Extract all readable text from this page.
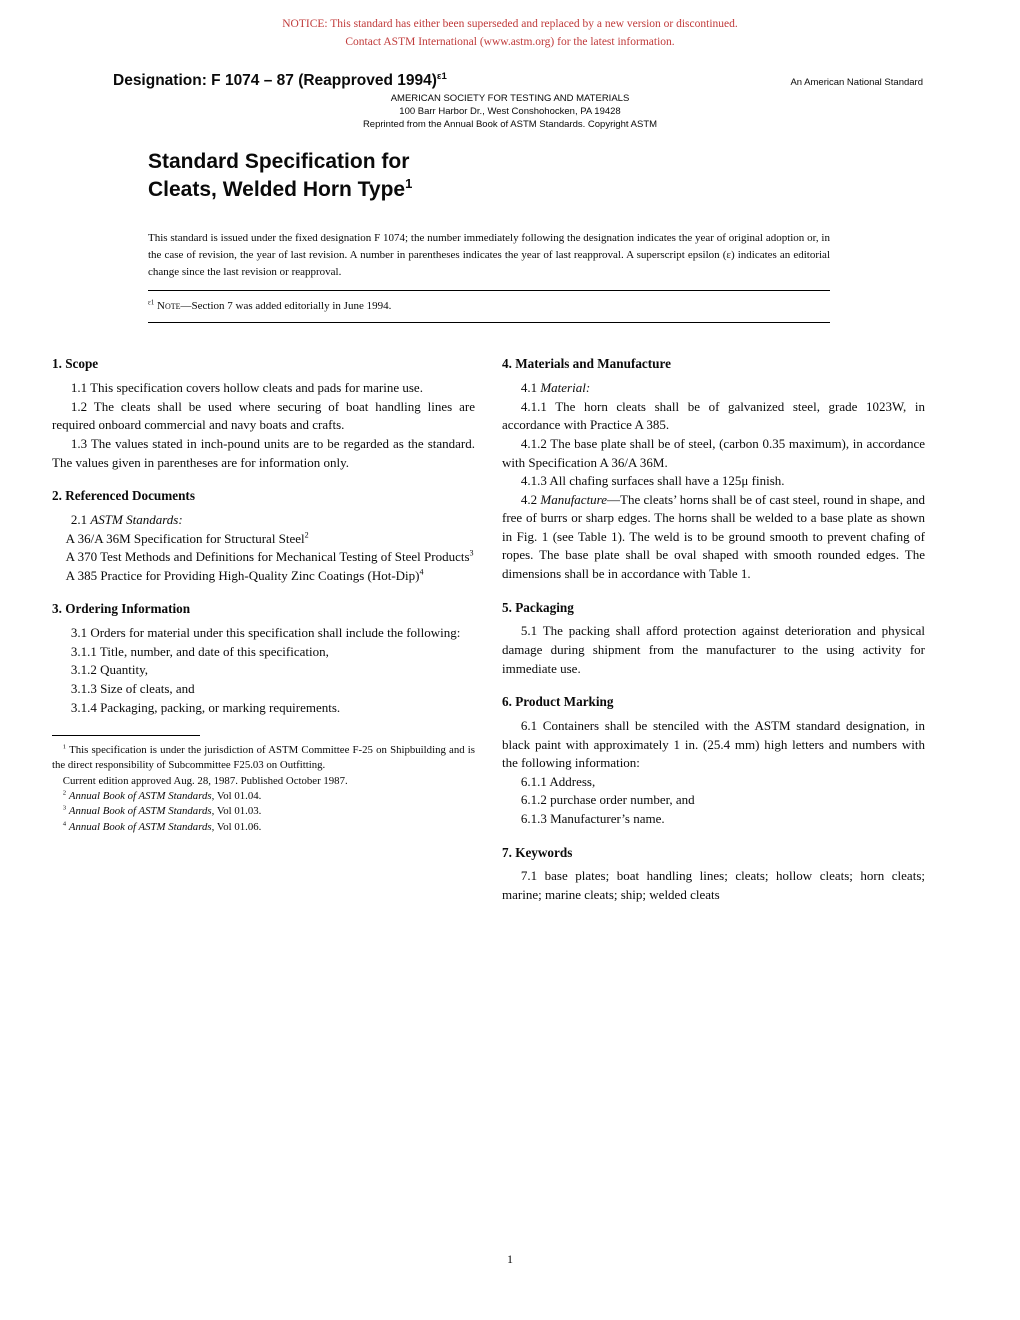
NOTICE: This standard has either been superseded and replaced by a new version or discontinued.
Contact ASTM International (www.astm.org) for the latest information.
Designation: F 1074 – 87 (Reapproved 1994)$^{\varepsilon 1}$
An American National Standard
AMERICAN SOCIETY FOR TESTING AND MATERIALS
100 Barr Harbor Dr., West Conshohocken, PA 19428
Reprinted from the Annual Book of ASTM Standards. Copyright ASTM
Standard Specification for
Cleats, Welded Horn Type$^1$

This standard is issued under the fixed designation F 1074; the number immediately following the designation indicates the year of original adoption or, in the case of revision, the year of last revision. A number in parentheses indicates the year of last reapproval. A superscript epsilon (ε) indicates an editorial change since the last revision or reapproval.

$^{\varepsilon 1}$ Note—Section 7 was added editorially in June 1994.

1. Scope

1.1 This specification covers hollow cleats and pads for marine use.

1.2 The cleats shall be used where securing of boat handling lines are required onboard commercial and navy boats and crafts.

1.3 The values stated in inch-pound units are to be regarded as the standard. The values given in parentheses are for information only.

2. Referenced Documents

2.1 ASTM Standards:

A 36/A 36M Specification for Structural Steel$^2$

A 370 Test Methods and Definitions for Mechanical Testing of Steel Products$^3$

A 385 Practice for Providing High-Quality Zinc Coatings $(Hot-Dip)^4$

3. Ordering Information

3.1 Orders for material under this specification shall include the following:

3.1.1 Title, number, and date of this specification,

3.1.2 Quantity,

3.1.3 Size of cleats, and

3.1.4 Packaging, packing, or marking requirements.

$^1$ This specification is under the jurisdiction of ASTM Committee F-25 on Shipbuilding and is the direct responsibility of Subcommittee F25.03 on Outfitting.

Current edition approved Aug. 28, 1987. Published October 1987.

$^2$ Annual Book of ASTM Standards, Vol 01.04.

$^3$ Annual Book of ASTM Standards, Vol 01.03.

$^4$ Annual Book of ASTM Standards, Vol 01.06.

4. Materials and Manufacture

4.1 Material:

4.1.1 The horn cleats shall be of galvanized steel, grade 1023W, in accordance with Practice A 385.

4.1.2 The base plate shall be of steel, (carbon 0.35 maximum), in accordance with Specification A 36/A 36M.

4.1.3 All chafing surfaces shall have a 125μ finish.

4.2 Manufacture—The cleats’ horns shall be of cast steel, round in shape, and free of burrs or sharp edges. The horns shall be welded to a base plate as shown in Fig. 1 (see Table 1). The weld is to be ground smooth to prevent chafing of ropes. The base plate shall be oval shaped with smooth rounded edges. The dimensions shall be in accordance with Table 1.

5. Packaging

5.1 The packing shall afford protection against deterioration and physical damage during shipment from the manufacturer to the using activity for immediate use.

6. Product Marking

6.1 Containers shall be stenciled with the ASTM standard designation, in black paint with approximately 1 in. (25.4 mm) high letters and numbers with the following information:

6.1.1 Address,

6.1.2 purchase order number, and

6.1.3 Manufacturer’s name.

7. Keywords

7.1 base plates; boat handling lines; cleats; hollow cleats; horn cleats; marine; marine cleats; ship; welded cleats

1
